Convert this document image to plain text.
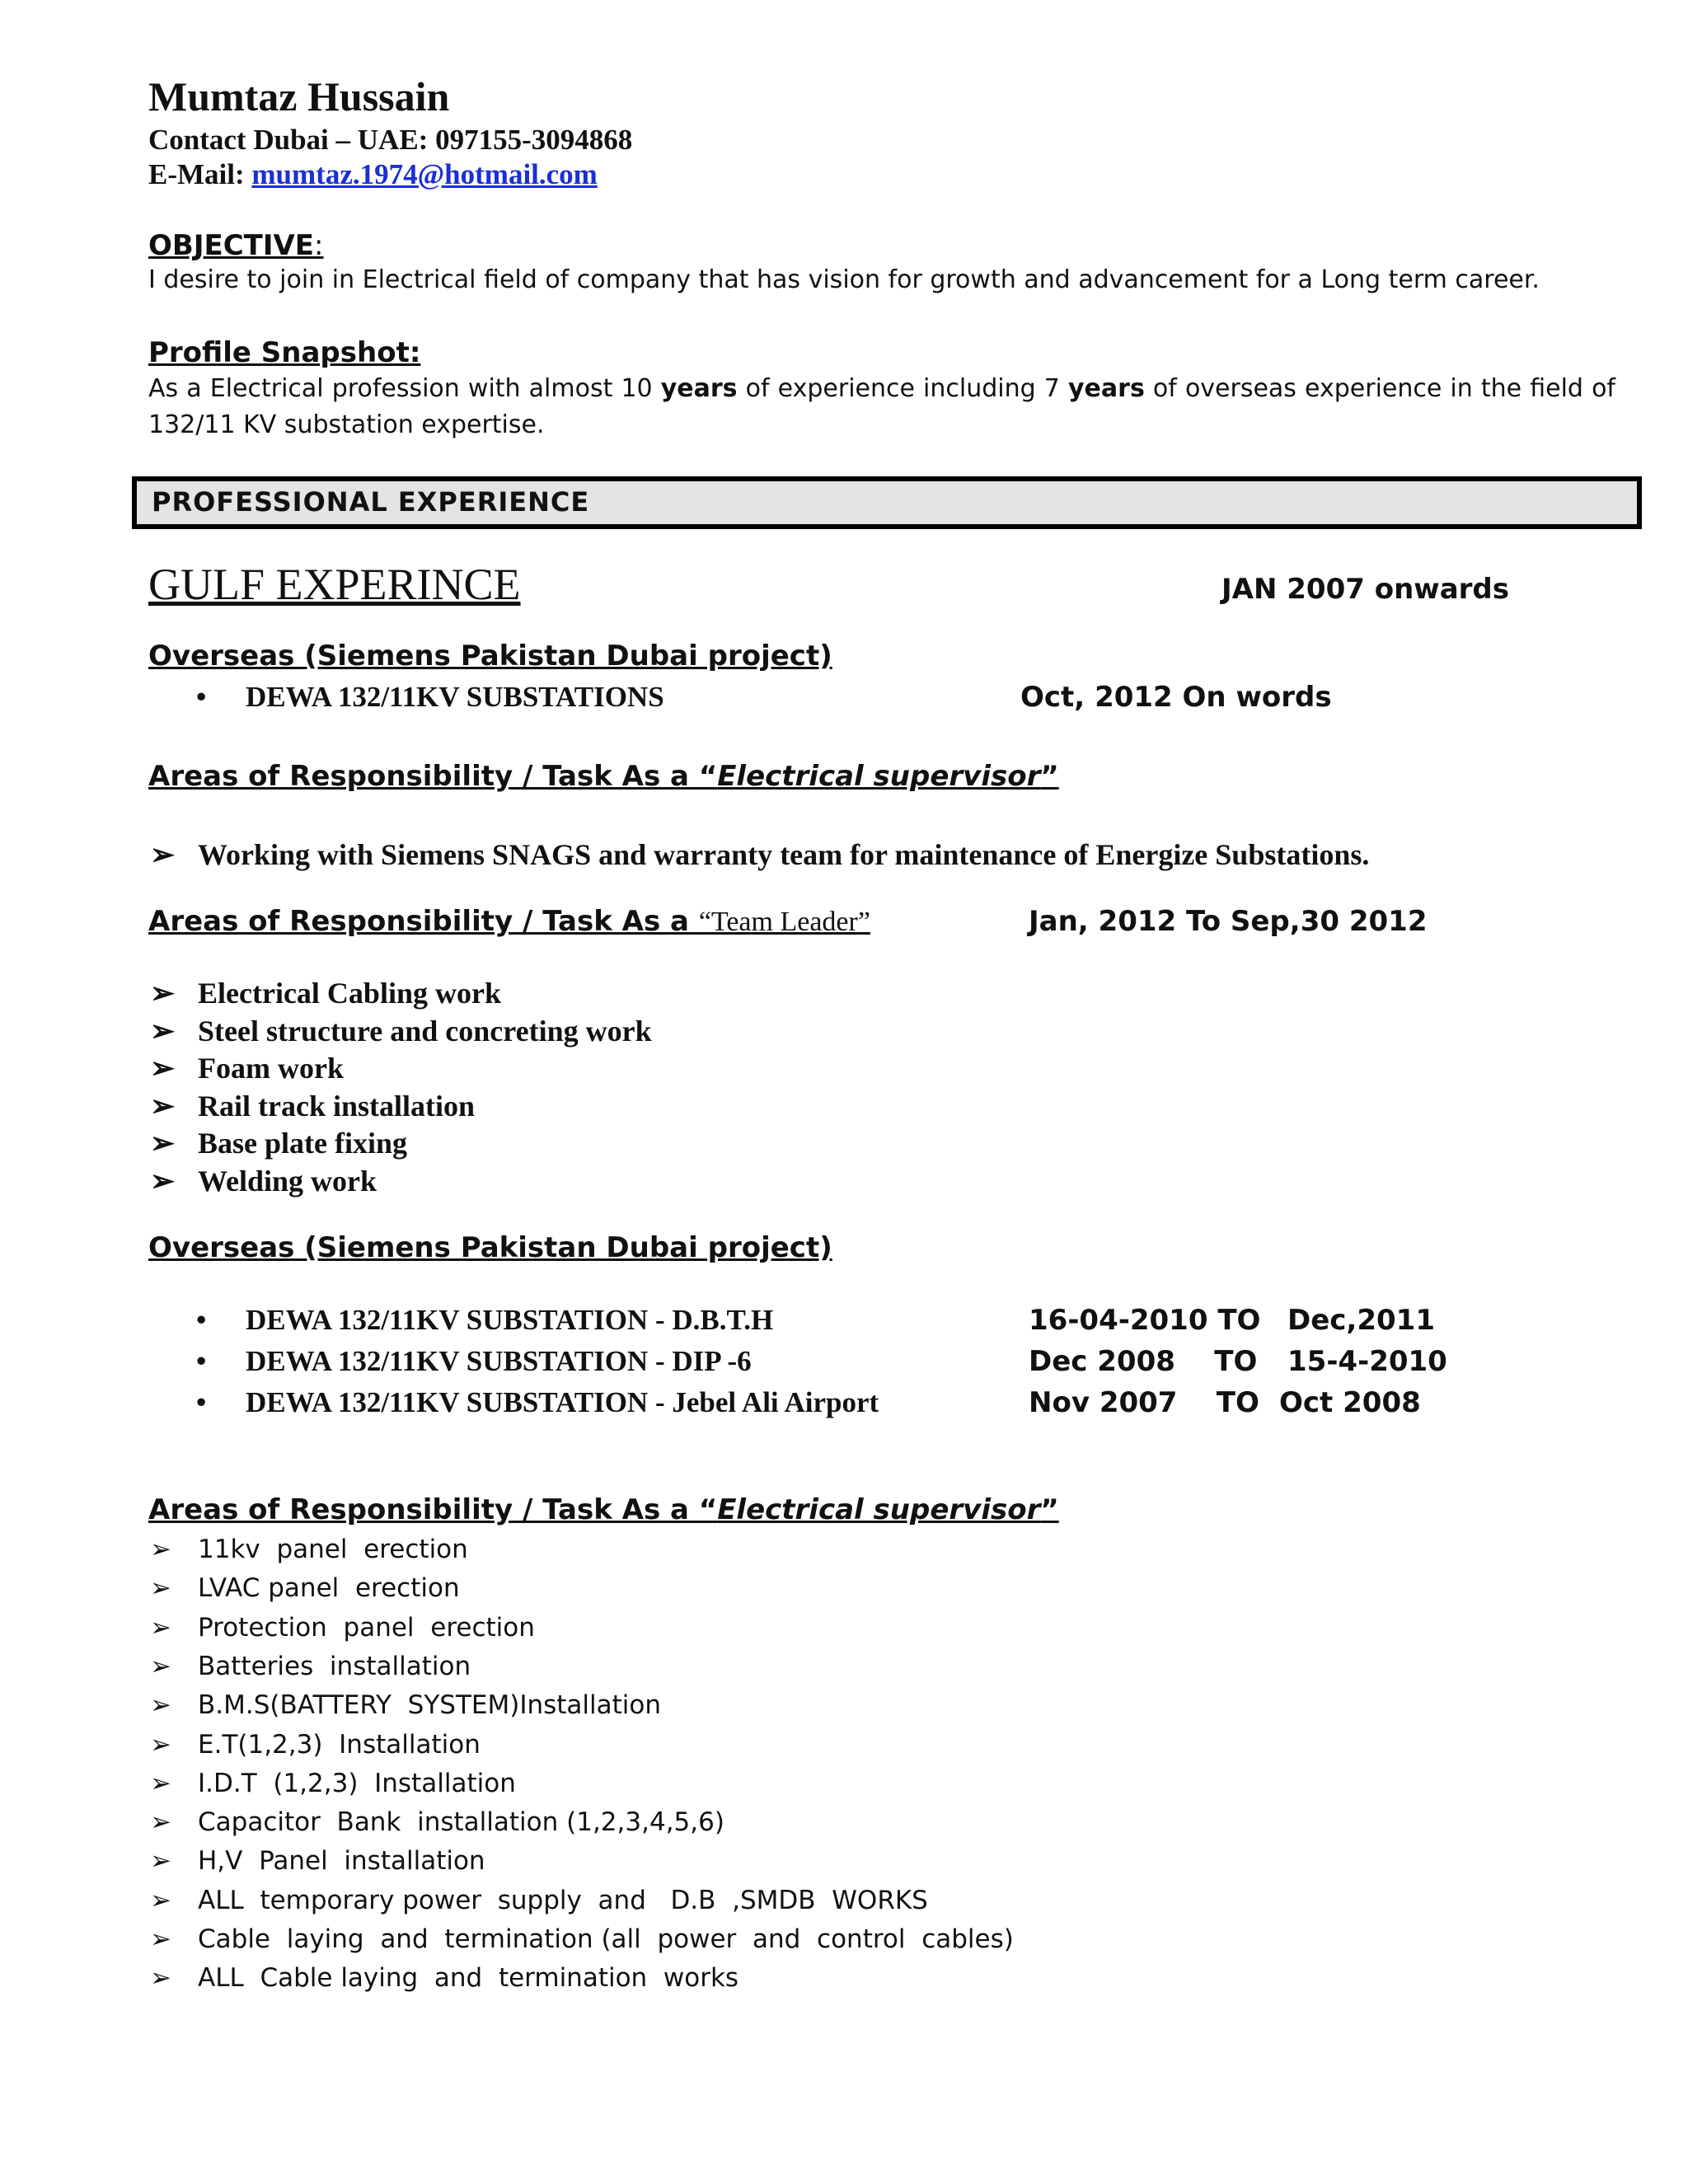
Mumtaz Hussain
Contact Dubai – UAE: 097155-3094868
E-Mail: mumtaz.1974@hotmail.com
OBJECTIVE:
I desire to join in Electrical field of company that has vision for growth and advancement for a Long term career.
Profile Snapshot:
As a Electrical profession with almost 10 years of experience including 7 years of overseas experience in the field of 132/11 KV substation expertise.
PROFESSIONAL EXPERIENCE
GULF EXPERINCE	JAN 2007 onwards
Overseas (Siemens Pakistan Dubai project)
• DEWA 132/11KV SUBSTATIONS	Oct, 2012 On words
Areas of Responsibility / Task As a “Electrical supervisor”
➢ Working with Siemens SNAGS and warranty team for maintenance of Energize Substations.
Areas of Responsibility / Task As a “Team Leader”	Jan, 2012 To Sep,30 2012
➢ Electrical Cabling work
➢ Steel structure and concreting work
➢ Foam work
➢ Rail track installation
➢ Base plate fixing
➢ Welding work
Overseas (Siemens Pakistan Dubai project)
• DEWA 132/11KV SUBSTATION - D.B.T.H	16-04-2010 TO Dec,2011
• DEWA 132/11KV SUBSTATION - DIP -6	Dec 2008    TO 15-4-2010
• DEWA 132/11KV SUBSTATION - Jebel Ali Airport	Nov 2007    TO Oct 2008
Areas of Responsibility / Task As a “Electrical supervisor”
➢ 11kv  panel  erection
➢ LVAC panel  erection
➢ Protection  panel  erection
➢ Batteries  installation
➢ B.M.S(BATTERY  SYSTEM)Installation
➢ E.T(1,2,3)  Installation
➢ I.D.T  (1,2,3)  Installation
➢ Capacitor  Bank  installation (1,2,3,4,5,6)
➢ H,V  Panel  installation
➢ ALL  temporary power  supply  and   D.B  ,SMDB  WORKS
➢ Cable  laying  and  termination (all  power  and  control  cables)
➢ ALL  Cable laying  and  termination  works
